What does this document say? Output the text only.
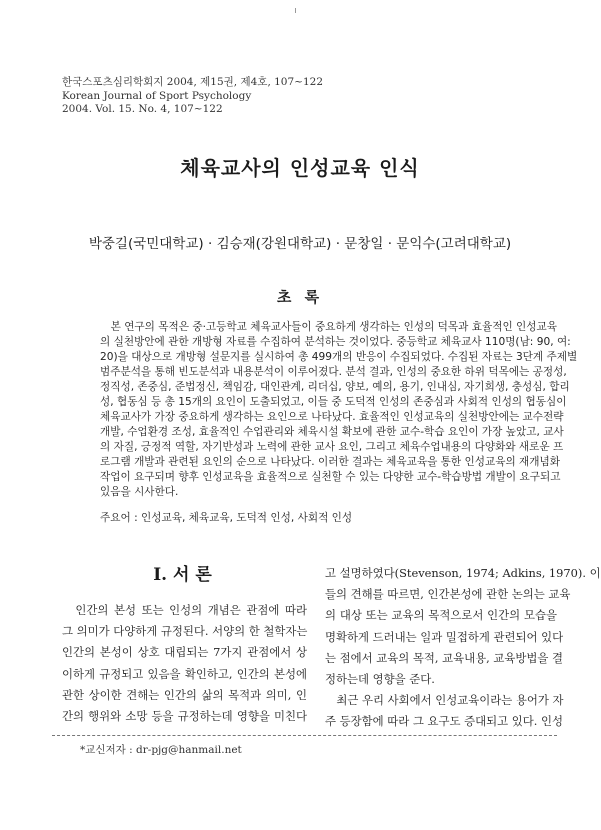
한국스포츠심리학회지 2004, 제15권, 제4호, 107~122
Korean Journal of Sport Psychology
2004. Vol. 15. No. 4, 107~122
체육교사의 인성교육 인식
박중길(국민대학교) · 김승재(강원대학교) · 문창일 · 문익수(고려대학교)
초 록
　본 연구의 목적은 중·고등학교 체육교사들이 중요하게 생각하는 인성의 덕목과 효율적인 인성교육
의 실천방안에 관한 개방형 자료를 수집하여 분석하는 것이었다. 중등학교 체육교사 110명(남: 90, 여:
20)을 대상으로 개방형 설문지를 실시하여 총 499개의 반응이 수집되었다. 수집된 자료는 3단계 주제별
범주분석을 통해 빈도분석과 내용분석이 이루어졌다. 분석 결과, 인성의 중요한 하위 덕목에는 공정성,
정직성, 존중심, 준법정신, 책임감, 대인관계, 리더십, 양보, 예의, 용기, 인내심, 자기희생, 충성심, 합리
성, 협동심 등 총 15개의 요인이 도출되었고, 이들 중 도덕적 인성의 존중심과 사회적 인성의 협동심이
체육교사가 가장 중요하게 생각하는 요인으로 나타났다. 효율적인 인성교육의 실천방안에는 교수전략
개발, 수업환경 조성, 효율적인 수업관리와 체육시설 확보에 관한 교수-학습 요인이 가장 높았고, 교사
의 자질, 긍정적 역할, 자기반성과 노력에 관한 교사 요인, 그리고 체육수업내용의 다양화와 새로운 프
로그램 개발과 관련된 요인의 순으로 나타났다. 이러한 결과는 체육교육을 통한 인성교육의 재개념화
작업이 요구되며 향후 인성교육을 효율적으로 실천할 수 있는 다양한 교수-학습방법 개발이 요구되고
있음을 시사한다.
주요어 : 인성교육, 체육교육, 도덕적 인성, 사회적 인성
Ⅰ. 서 론
　인간의 본성 또는 인성의 개념은 관점에 따라
그 의미가 다양하게 규정된다. 서양의 한 철학자는
인간의 본성이 상호 대립되는 7가지 관점에서 상
이하게 규정되고 있음을 확인하고, 인간의 본성에
관한 상이한 견해는 인간의 삶의 목적과 의미, 인
간의 행위와 소망 등을 규정하는데 영향을 미친다
고 설명하였다(Stevenson, 1974; Adkins, 1970). 이
들의 견해를 따르면, 인간본성에 관한 논의는 교육
의 대상 또는 교육의 목적으로서 인간의 모습을
명확하게 드러내는 일과 밀접하게 관련되어 있다
는 점에서 교육의 목적, 교육내용, 교육방법을 결
정하는데 영향을 준다.
　최근 우리 사회에서 인성교육이라는 용어가 자
주 등장함에 따라 그 요구도 증대되고 있다. 인성
*교신저자 : dr-pjg@hanmail.net
